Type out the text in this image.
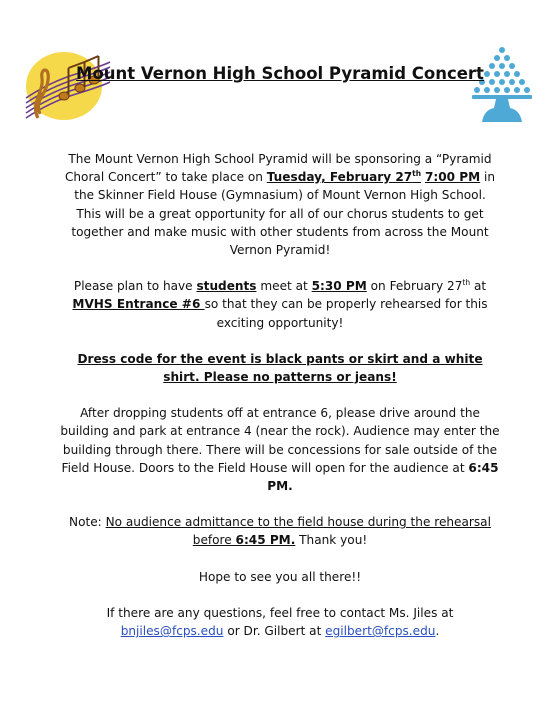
Mount Vernon High School Pyramid Concert

The Mount Vernon High School Pyramid will be sponsoring a “Pyramid Choral Concert” to take place on Tuesday, February 27th 7:00 PM in the Skinner Field House (Gymnasium) of Mount Vernon High School. This will be a great opportunity for all of our chorus students to get together and make music with other students from across the Mount Vernon Pyramid!

Please plan to have students meet at 5:30 PM on February 27th at MVHS Entrance #6 so that they can be properly rehearsed for this exciting opportunity!

Dress code for the event is black pants or skirt and a white shirt. Please no patterns or jeans!

After dropping students off at entrance 6, please drive around the building and park at entrance 4 (near the rock). Audience may enter the building through there. There will be concessions for sale outside of the Field House. Doors to the Field House will open for the audience at 6:45 PM.

Note: No audience admittance to the field house during the rehearsal before 6:45 PM. Thank you!

Hope to see you all there!!

If there are any questions, feel free to contact Ms. Jiles at bnjiles@fcps.edu or Dr. Gilbert at egilbert@fcps.edu.
